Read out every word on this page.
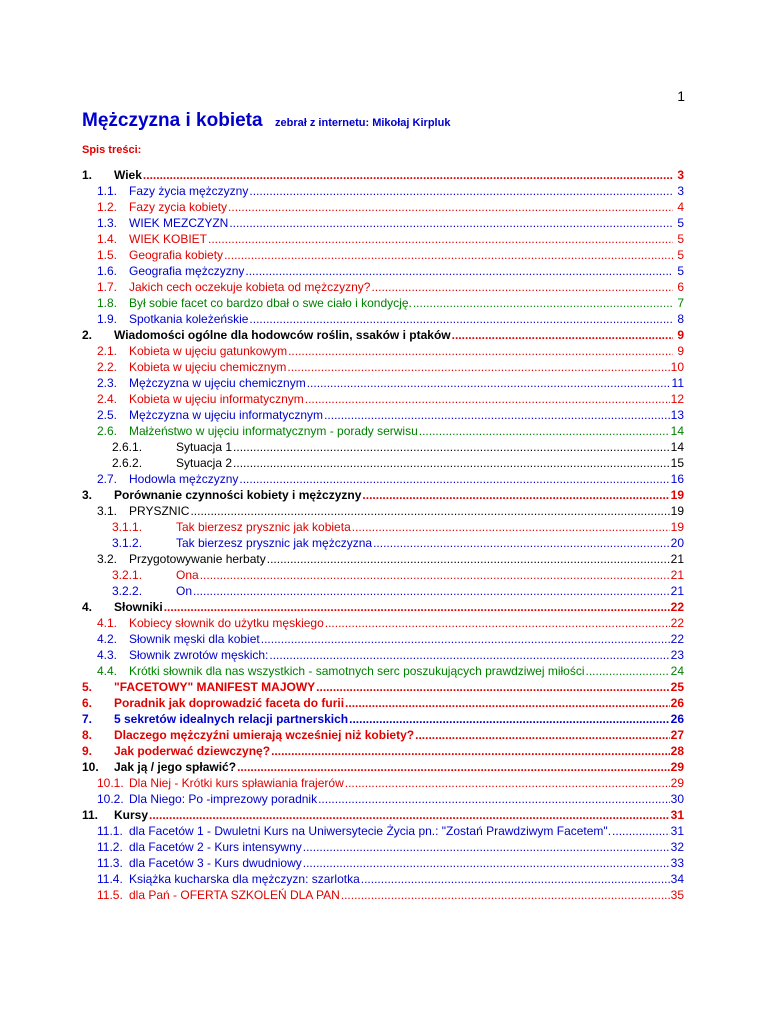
1
Mężczyzna i kobieta zebrał z internetu: Mikołaj Kirpluk
Spis treści:
1.	Wiek .....	3
1.1. Fazy życia mężczyzny .....	3
1.2. Fazy zycia kobiety .....	4
1.3. WIEK MEZCZYZN .....	5
1.4. WIEK KOBIET .....	5
1.5. Geografia kobiety .....	5
1.6. Geografia mężczyzny .....	5
1.7. Jakich cech oczekuje kobieta od mężczyzny? .....	6
1.8. Był sobie facet co bardzo dbał o swe ciało i kondycję. .....	7
1.9. Spotkania koleżeńskie .....	8
2.	Wiadomości ogólne dla hodowców roślin, ssaków i ptaków .....	9
2.1. Kobieta w ujęciu gatunkowym .....	9
2.2. Kobieta w ujęciu chemicznym .....	10
2.3. Mężczyzna w ujęciu chemicznym .....	11
2.4. Kobieta w ujęciu informatycznym .....	12
2.5. Mężczyzna w ujęciu informatycznym .....	13
2.6. Małżeństwo w ujęciu informatycznym - porady serwisu .....	14
2.6.1.	Sytuacja 1 .....	14
2.6.2.	Sytuacja 2 .....	15
2.7. Hodowla mężczyzny .....	16
3.	Porównanie czynności kobiety i mężczyzny .....	19
3.1. PRYSZNIC .....	19
3.1.1.	Tak bierzesz prysznic jak kobieta .....	19
3.1.2.	Tak bierzesz prysznic jak mężczyzna .....	20
3.2. Przygotowywanie herbaty .....	21
3.2.1.	Ona .....	21
3.2.2.	On .....	21
4.	Słowniki .....	22
4.1. Kobiecy słownik do użytku męskiego .....	22
4.2. Słownik męski dla kobiet .....	22
4.3. Słownik zwrotów męskich: .....	23
4.4. Krótki słownik dla nas wszystkich - samotnych serc poszukujących prawdziwej miłości .....	24
5.	"FACETOWY" MANIFEST MAJOWY .....	25
6.	Poradnik jak doprowadzić faceta do furii .....	26
7.	5 sekretów idealnych relacji partnerskich .....	26
8.	Dlaczego mężczyźni umierają wcześniej niż kobiety? .....	27
9.	Jak poderwać dziewczynę? .....	28
10.	Jak ją / jego spławić? .....	29
10.1. Dla Niej - Krótki kurs spławiania frajerów .....	29
10.2. Dla Niego: Po -imprezowy poradnik .....	30
11.	Kursy .....	31
11.1. dla Facetów 1 - Dwuletni Kurs na Uniwersytecie Życia pn.: "Zostań Prawdziwym Facetem". .....	31
11.2. dla Facetów 2 - Kurs intensywny .....	32
11.3. dla Facetów 3 - Kurs dwudniowy .....	33
11.4. Książka kucharska dla mężczyzn: szarlotka .....	34
11.5. dla Pań - OFERTA SZKOLEŃ DLA PAN .....	35
